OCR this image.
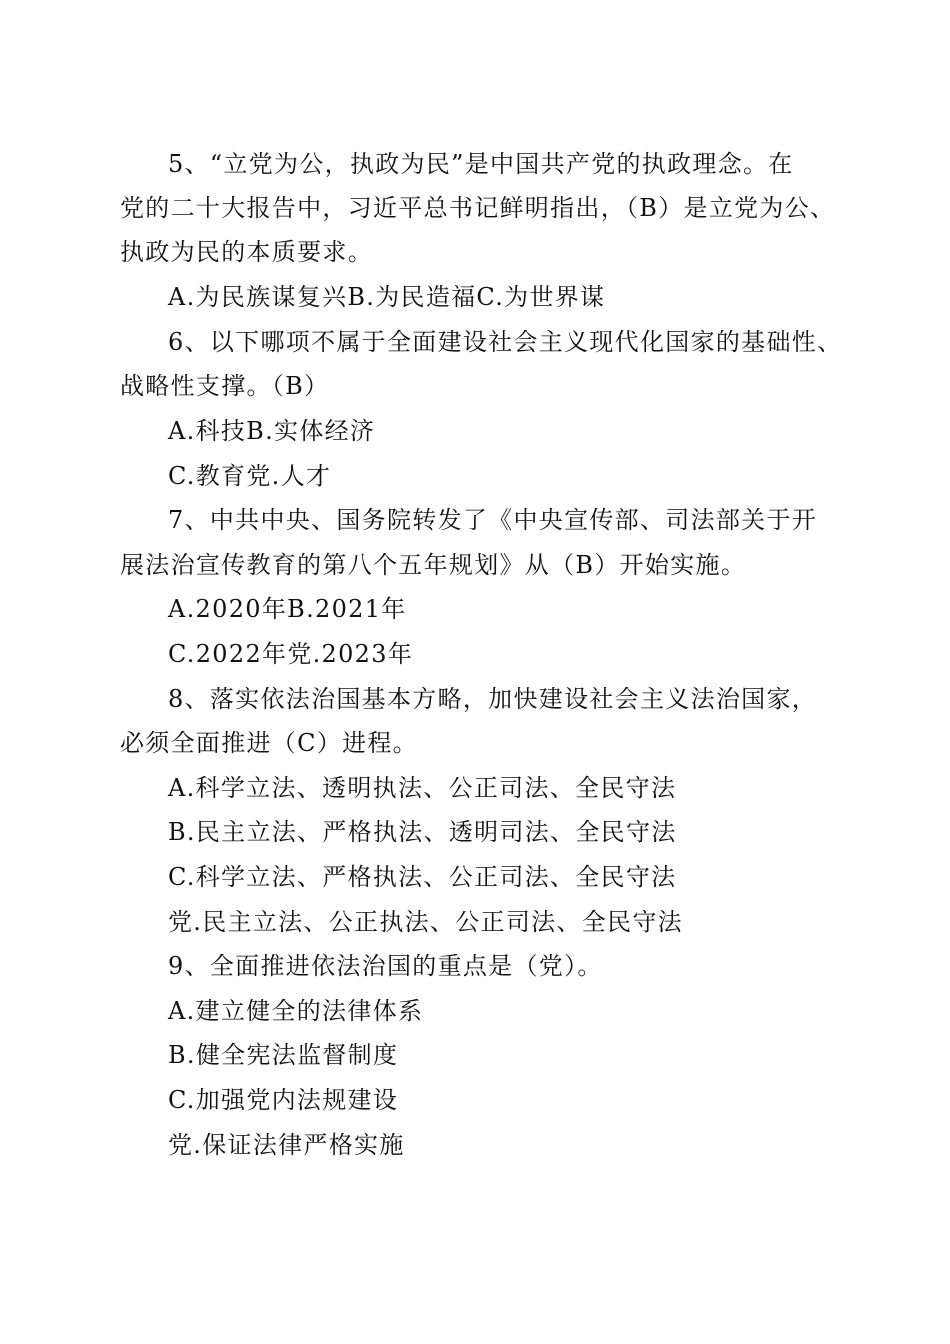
5、“立党为公，执政为民”是中国共产党的执政理念。在
党的二十大报告中，习近平总书记鲜明指出，（B）是立党为公、
执政为民的本质要求。
A.为民族谋复兴B.为民造福C.为世界谋
6、以下哪项不属于全面建设社会主义现代化国家的基础性、
战略性支撑。（B）
A.科技B.实体经济
C.教育党.人才
7、中共中央、国务院转发了《中央宣传部、司法部关于开
展法治宣传教育的第八个五年规划》从（B）开始实施。
A.2020年B.2021年
C.2022年党.2023年
8、落实依法治国基本方略，加快建设社会主义法治国家，
必须全面推进（C）进程。
A.科学立法、透明执法、公正司法、全民守法
B.民主立法、严格执法、透明司法、全民守法
C.科学立法、严格执法、公正司法、全民守法
党.民主立法、公正执法、公正司法、全民守法
9、全面推进依法治国的重点是（党）。
A.建立健全的法律体系
B.健全宪法监督制度
C.加强党内法规建设
党.保证法律严格实施
